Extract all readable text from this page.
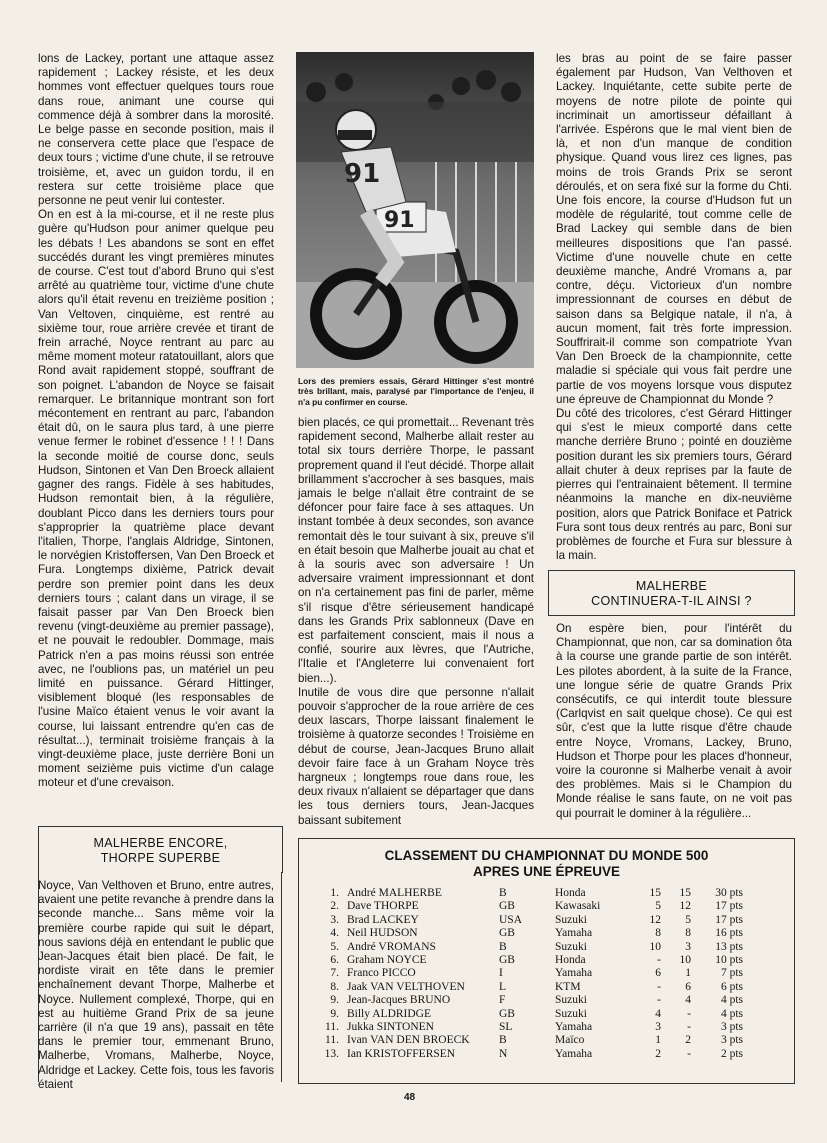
lons de Lackey, portant une attaque assez rapidement ; Lackey résiste, et les deux hommes vont effectuer quelques tours roue dans roue, animant une course qui commence déjà à sombrer dans la morosité. Le belge passe en seconde position, mais il ne conservera cette place que l'espace de deux tours ; victime d'une chute, il se retrouve troisième, et, avec un guidon tordu, il en restera sur cette troisième place que personne ne peut venir lui contester.

On en est à la mi-course, et il ne reste plus guère qu'Hudson pour animer quelque peu les débats ! Les abandons se sont en effet succédés durant les vingt premières minutes de course. C'est tout d'abord Bruno qui s'est arrêté au quatrième tour, victime d'une chute alors qu'il était revenu en treizième position ; Van Veltoven, cinquième, est rentré au sixième tour, roue arrière crevée et tirant de frein arraché, Noyce rentrant au parc au même moment moteur ratatouillant, alors que Rond avait rapidement stoppé, souffrant de son poignet. L'abandon de Noyce se faisait remarquer. Le britannique montrant son fort mécontement en rentrant au parc, l'abandon était dû, on le saura plus tard, à une pierre venue fermer le robinet d'essence ! ! ! Dans la seconde moitié de course donc, seuls Hudson, Sintonen et Van Den Broeck allaient gagner des rangs. Fidèle à ses habitudes, Hudson remontait bien, à la régulière, doublant Picco dans les derniers tours pour s'approprier la quatrième place devant l'italien, Thorpe, l'anglais Aldridge, Sintonen, le norvégien Kristoffersen, Van Den Broeck et Fura. Longtemps dixième, Patrick devait perdre son premier point dans les deux derniers tours ; calant dans un virage, il se faisait passer par Van Den Broeck bien revenu (vingt-deuxième au premier passage), et ne pouvait le redoubler. Dommage, mais Patrick n'en a pas moins réussi son entrée avec, ne l'oublions pas, un matériel un peu limité en puissance. Gérard Hittinger, visiblement bloqué (les responsables de l'usine Maïco étaient venus le voir avant la course, lui laissant entrendre qu'en cas de résultat...), terminait troisième français à la vingt-deuxième place, juste derrière Boni un moment seizième puis victime d'un calage moteur et d'une crevaison.

MALHERBE ENCORE,
THORPE SUPERBE

Noyce, Van Velthoven et Bruno, entre autres, avaient une petite revanche à prendre dans la seconde manche... Sans même voir la première courbe rapide qui suit le départ, nous savions déjà en entendant le public que Jean-Jacques était bien placé. De fait, le nordiste virait en tête dans le premier enchaînement devant Thorpe, Malherbe et Noyce. Nullement complexé, Thorpe, qui en est au huitième Grand Prix de sa jeune carrière (il n'a que 19 ans), passait en tête dans le premier tour, emmenant Bruno, Malherbe, Vromans, Malherbe, Noyce, Aldridge et Lackey. Cette fois, tous les favoris étaient

91
91
Lors des premiers essais, Gérard Hittinger s'est montré très brillant, mais, paralysé par l'importance de l'enjeu, il n'a pu confirmer en course.

bien placés, ce qui promettait... Revenant très rapidement second, Malherbe allait rester au total six tours derrière Thorpe, le passant proprement quand il l'eut décidé. Thorpe allait brillamment s'accrocher à ses basques, mais jamais le belge n'allait être contraint de se défoncer pour faire face à ses attaques. Un instant tombée à deux secondes, son avance remontait dès le tour suivant à six, preuve s'il en était besoin que Malherbe jouait au chat et à la souris avec son adversaire ! Un adversaire vraiment impressionnant et dont on n'a certainement pas fini de parler, même s'il risque d'être sérieusement handicapé dans les Grands Prix sablonneux (Dave en est parfaitement conscient, mais il nous a confié, sourire aux lèvres, que l'Autriche, l'Italie et l'Angleterre lui convenaient fort bien...).

Inutile de vous dire que personne n'allait pouvoir s'approcher de la roue arrière de ces deux lascars, Thorpe laissant finalement le troisième à quatorze secondes ! Troisième en début de course, Jean-Jacques Bruno allait devoir faire face à un Graham Noyce très hargneux ; longtemps roue dans roue, les deux rivaux n'allaient se départager que dans les tous derniers tours, Jean-Jacques baissant subitement

les bras au point de se faire passer également par Hudson, Van Velthoven et Lackey. Inquiétante, cette subite perte de moyens de notre pilote de pointe qui incriminait un amortisseur défaillant à l'arrivée. Espérons que le mal vient bien de là, et non d'un manque de condition physique. Quand vous lirez ces lignes, pas moins de trois Grands Prix se seront déroulés, et on sera fixé sur la forme du Chti. Une fois encore, la course d'Hudson fut un modèle de régularité, tout comme celle de Brad Lackey qui semble dans de bien meilleures dispositions que l'an passé. Victime d'une nouvelle chute en cette deuxième manche, André Vromans a, par contre, déçu. Victorieux d'un nombre impressionnant de courses en début de saison dans sa Belgique natale, il n'a, à aucun moment, fait très forte impression. Souffrirait-il comme son compatriote Yvan Van Den Broeck de la championnite, cette maladie si spéciale qui vous fait perdre une partie de vos moyens lorsque vous disputez une épreuve de Championnat du Monde ?

Du côté des tricolores, c'est Gérard Hittinger qui s'est le mieux comporté dans cette manche derrière Bruno ; pointé en douzième position durant les six premiers tours, Gérard allait chuter à deux reprises par la faute de pierres qui l'entrainaient bêtement. Il termine néanmoins la manche en dix-neuvième position, alors que Patrick Boniface et Patrick Fura sont tous deux rentrés au parc, Boni sur problèmes de fourche et Fura sur blessure à la main.

MALHERBE
CONTINUERA-T-IL AINSI ?

On espère bien, pour l'intérêt du Championnat, que non, car sa domination ôta à la course une grande partie de son intérêt. Les pilotes abordent, à la suite de la France, une longue série de quatre Grands Prix consécutifs, ce qui interdit toute blessure (Carlqvist en sait quelque chose). Ce qui est sûr, c'est que la lutte risque d'être chaude entre Noyce, Vromans, Lackey, Bruno, Hudson et Thorpe pour les places d'honneur, voire la couronne si Malherbe venait à avoir des problèmes. Mais si le Champion du Monde réalise le sans faute, on ne voit pas qui pourrait le dominer à la régulière...

CLASSEMENT DU CHAMPIONNAT DU MONDE 500
APRES UNE ÉPREUVE
1.	André MALHERBE	B	Honda	15	15	30 pts
2.	Dave THORPE	GB	Kawasaki	5	12	17 pts
3.	Brad LACKEY	USA	Suzuki	12	5	17 pts
4.	Neil HUDSON	GB	Yamaha	8	8	16 pts
5.	André VROMANS	B	Suzuki	10	3	13 pts
6.	Graham NOYCE	GB	Honda	-	10	10 pts
7.	Franco PICCO	I	Yamaha	6	1	7 pts
8.	Jaak VAN VELTHOVEN	L	KTM	-	6	6 pts
9.	Jean-Jacques BRUNO	F	Suzuki	-	4	4 pts
9.	Billy ALDRIDGE	GB	Suzuki	4	-	4 pts
11.	Jukka SINTONEN	SL	Yamaha	3	-	3 pts
11.	Ivan VAN DEN BROECK	B	Maïco	1	2	3 pts
13.	Ian KRISTOFFERSEN	N	Yamaha	2	-	2 pts
48
